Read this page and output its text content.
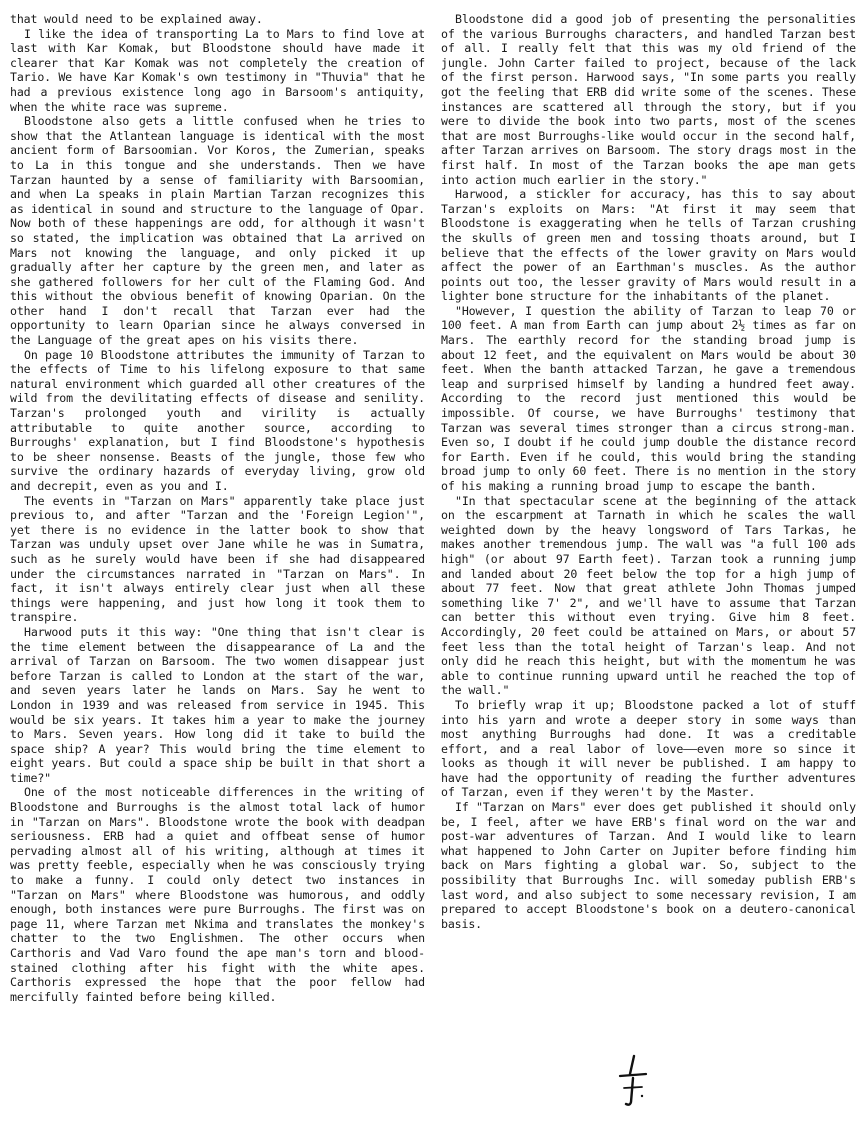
that would need to be explained away.

I like the idea of transporting La to Mars to find love at last with Kar Komak, but Bloodstone should have made it clearer that Kar Komak was not completely the creation of Tario. We have Kar Komak's own testimony in "Thuvia" that he had a previous existence long ago in Barsoom's antiquity, when the white race was supreme.

Bloodstone also gets a little confused when he tries to show that the Atlantean language is identical with the most ancient form of Barsoomian. Vor Koros, the Zumerian, speaks to La in this tongue and she understands. Then we have Tarzan haunted by a sense of familiarity with Barsoomian, and when La speaks in plain Martian Tarzan recognizes this as identical in sound and structure to the language of Opar. Now both of these happenings are odd, for although it wasn't so stated, the implication was obtained that La arrived on Mars not knowing the language, and only picked it up gradually after her capture by the green men, and later as she gathered followers for her cult of the Flaming God. And this without the obvious benefit of knowing Oparian. On the other hand I don't recall that Tarzan ever had the opportunity to learn Oparian since he always conversed in the Language of the great apes on his visits there.

On page 10 Bloodstone attributes the immunity of Tarzan to the effects of Time to his lifelong exposure to that same natural environment which guarded all other creatures of the wild from the devilitating effects of disease and senility. Tarzan's prolonged youth and virility is actually attributable to quite another source, according to Burroughs' explanation, but I find Bloodstone's hypothesis to be sheer nonsense. Beasts of the jungle, those few who survive the ordinary hazards of everyday living, grow old and decrepit, even as you and I.

The events in "Tarzan on Mars" apparently take place just previous to, and after "Tarzan and the 'Foreign Legion'", yet there is no evidence in the latter book to show that Tarzan was unduly upset over Jane while he was in Sumatra, such as he surely would have been if she had disappeared under the circumstances narrated in "Tarzan on Mars". In fact, it isn't always entirely clear just when all these things were happening, and just how long it took them to transpire.

Harwood puts it this way: "One thing that isn't clear is the time element between the disappearance of La and the arrival of Tarzan on Barsoom. The two women disappear just before Tarzan is called to London at the start of the war, and seven years later he lands on Mars. Say he went to London in 1939 and was released from service in 1945. This would be six years. It takes him a year to make the journey to Mars. Seven years. How long did it take to build the space ship? A year? This would bring the time element to eight years. But could a space ship be built in that short a time?"

One of the most noticeable differences in the writing of Bloodstone and Burroughs is the almost total lack of humor in "Tarzan on Mars". Bloodstone wrote the book with deadpan seriousness. ERB had a quiet and offbeat sense of humor pervading almost all of his writing, although at times it was pretty feeble, especially when he was consciously trying to make a funny. I could only detect two instances in "Tarzan on Mars" where Bloodstone was humorous, and oddly enough, both instances were pure Burroughs. The first was on page 11, where Tarzan met Nkima and translates the monkey's chatter to the two Englishmen. The other occurs when Carthoris and Vad Varo found the ape man's torn and blood-stained clothing after his fight with the white apes. Carthoris expressed the hope that the poor fellow had mercifully fainted before being killed.

Bloodstone did a good job of presenting the personalities of the various Burroughs characters, and handled Tarzan best of all. I really felt that this was my old friend of the jungle. John Carter failed to project, because of the lack of the first person. Harwood says, "In some parts you really got the feeling that ERB did write some of the scenes. These instances are scattered all through the story, but if you were to divide the book into two parts, most of the scenes that are most Burroughs-like would occur in the second half, after Tarzan arrives on Barsoom. The story drags most in the first half. In most of the Tarzan books the ape man gets into action much earlier in the story."

Harwood, a stickler for accuracy, has this to say about Tarzan's exploits on Mars: "At first it may seem that Bloodstone is exaggerating when he tells of Tarzan crushing the skulls of green men and tossing thoats around, but I believe that the effects of the lower gravity on Mars would affect the power of an Earthman's muscles. As the author points out too, the lesser gravity of Mars would result in a lighter bone structure for the inhabitants of the planet.

"However, I question the ability of Tarzan to leap 70 or 100 feet. A man from Earth can jump about 2½ times as far on Mars. The earthly record for the standing broad jump is about 12 feet, and the equivalent on Mars would be about 30 feet. When the banth attacked Tarzan, he gave a tremendous leap and surprised himself by landing a hundred feet away. According to the record just mentioned this would be impossible. Of course, we have Burroughs' testimony that Tarzan was several times stronger than a circus strong-man. Even so, I doubt if he could jump double the distance record for Earth. Even if he could, this would bring the standing broad jump to only 60 feet. There is no mention in the story of his making a running broad jump to escape the banth.

"In that spectacular scene at the beginning of the attack on the escarpment at Tarnath in which he scales the wall weighted down by the heavy longsword of Tars Tarkas, he makes another tremendous jump. The wall was "a full 100 ads high" (or about 97 Earth feet). Tarzan took a running jump and landed about 20 feet below the top for a high jump of about 77 feet. Now that great athlete John Thomas jumped something like 7' 2", and we'll have to assume that Tarzan can better this without even trying. Give him 8 feet. Accordingly, 20 feet could be attained on Mars, or about 57 feet less than the total height of Tarzan's leap. And not only did he reach this height, but with the momentum he was able to continue running upward until he reached the top of the wall."

To briefly wrap it up; Bloodstone packed a lot of stuff into his yarn and wrote a deeper story in some ways than most anything Burroughs had done. It was a creditable effort, and a real labor of love——even more so since it looks as though it will never be published. I am happy to have had the opportunity of reading the further adventures of Tarzan, even if they weren't by the Master.

If "Tarzan on Mars" ever does get published it should only be, I feel, after we have ERB's final word on the war and post-war adventures of Tarzan. And I would like to learn what happened to John Carter on Jupiter before finding him back on Mars fighting a global war. So, subject to the possibility that Burroughs Inc. will someday publish ERB's last word, and also subject to some necessary revision, I am prepared to accept Bloodstone's book on a deutero-canonical basis.
